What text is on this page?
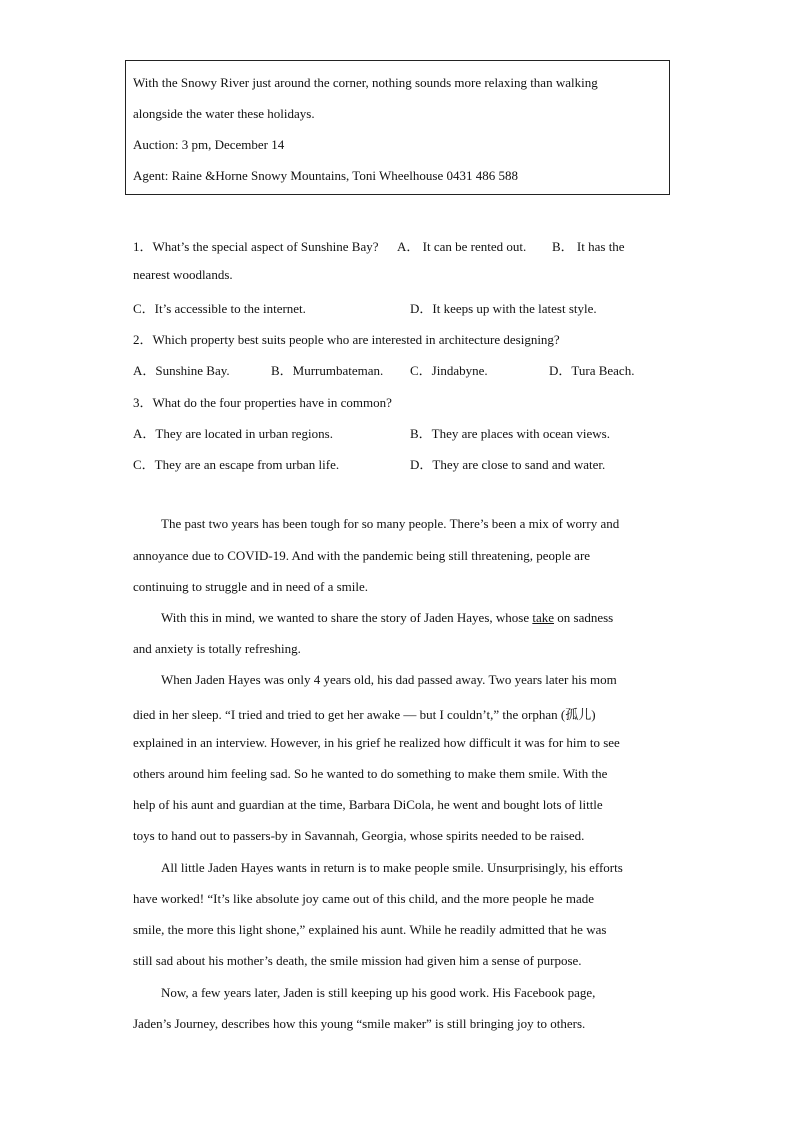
With the Snowy River just around the corner, nothing sounds more relaxing than walking
alongside the water these holidays.
Auction: 3 pm, December 14
Agent: Raine &Horne Snowy Mountains, Toni Wheelhouse 0431 486 588
1．What’s the special aspect of Sunshine Bay? A． It can be rented out. B． It has the
nearest woodlands.
C．It’s accessible to the internet.	D．It keeps up with the latest style.
2．Which property best suits people who are interested in architecture designing?
A．Sunshine Bay.	B．Murrumbateman. C．Jindabyne.	D．Tura Beach.
3．What do the four properties have in common?
A．They are located in urban regions.	B．They are places with ocean views.
C．They are an escape from urban life.	D．They are close to sand and water.
The past two years has been tough for so many people. There’s been a mix of worry and
annoyance due to COVID-19. And with the pandemic being still threatening, people are
continuing to struggle and in need of a smile.
With this in mind, we wanted to share the story of Jaden Hayes, whose take on sadness
and anxiety is totally refreshing.
When Jaden Hayes was only 4 years old, his dad passed away. Two years later his mom
died in her sleep. “I tried and tried to get her awake — but I couldn’t,” the orphan (孤儿)
explained in an interview. However, in his grief he realized how difficult it was for him to see
others around him feeling sad. So he wanted to do something to make them smile. With the
help of his aunt and guardian at the time, Barbara DiCola, he went and bought lots of little
toys to hand out to passers-by in Savannah, Georgia, whose spirits needed to be raised.
All little Jaden Hayes wants in return is to make people smile. Unsurprisingly, his efforts
have worked! “It’s like absolute joy came out of this child, and the more people he made
smile, the more this light shone,” explained his aunt. While he readily admitted that he was
still sad about his mother’s death, the smile mission had given him a sense of purpose.
Now, a few years later, Jaden is still keeping up his good work. His Facebook page,
Jaden’s Journey, describes how this young “smile maker” is still bringing joy to others.
